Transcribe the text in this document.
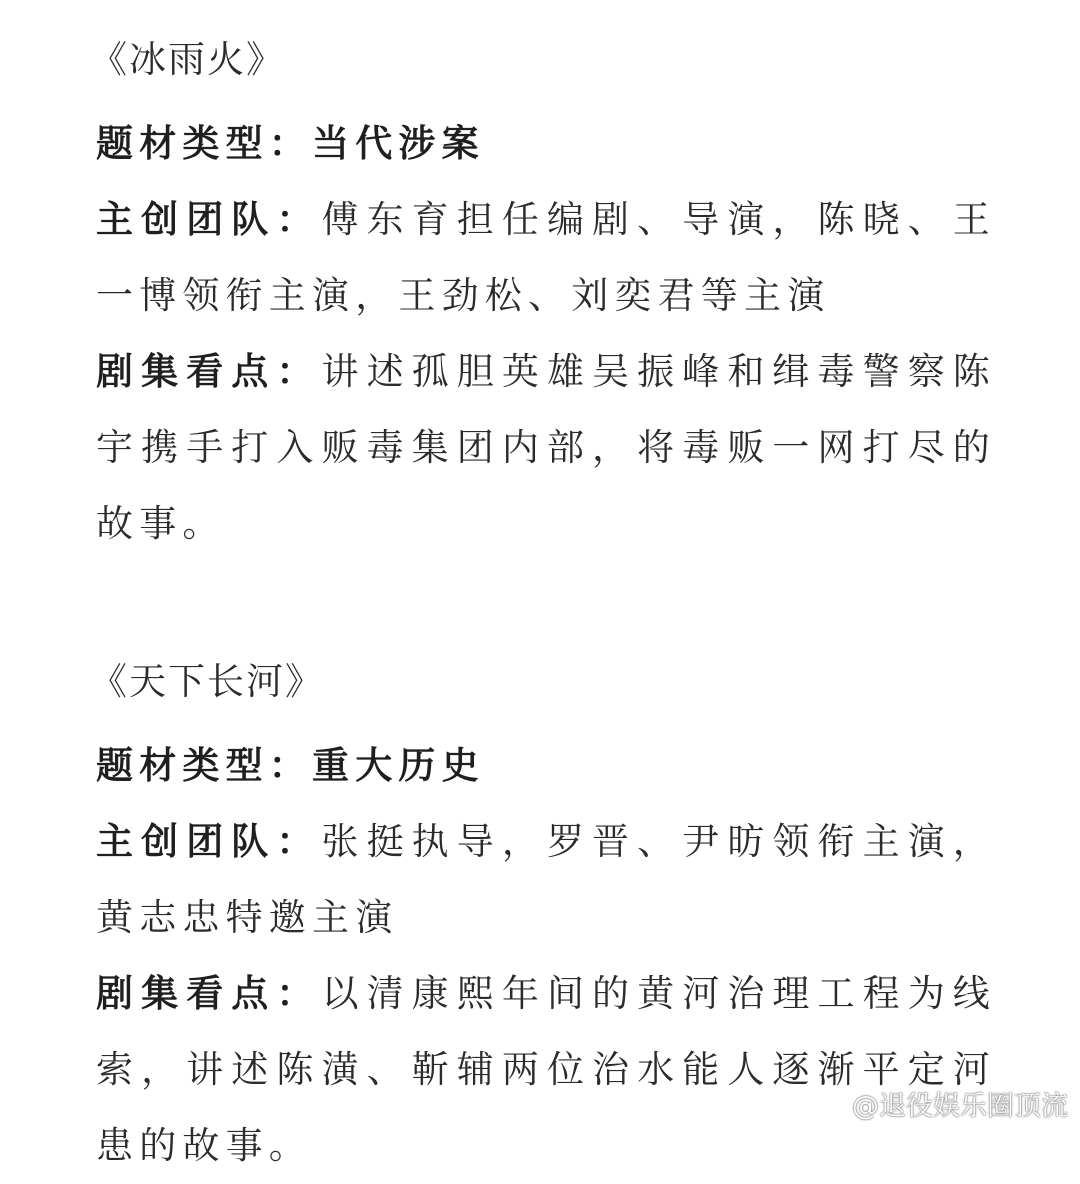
《冰雨火》

题材类型：当代涉案

主创团队：傅东育担任编剧、导演，陈晓、王一博领衔主演，王劲松、刘奕君等主演

剧集看点：讲述孤胆英雄吴振峰和缉毒警察陈宇携手打入贩毒集团内部，将毒贩一网打尽的故事。

《天下长河》

题材类型：重大历史

主创团队：张挺执导，罗晋、尹昉领衔主演，黄志忠特邀主演

剧集看点：以清康熙年间的黄河治理工程为线索，讲述陈潢、靳辅两位治水能人逐渐平定河患的故事。

@退役娱乐圈顶流
